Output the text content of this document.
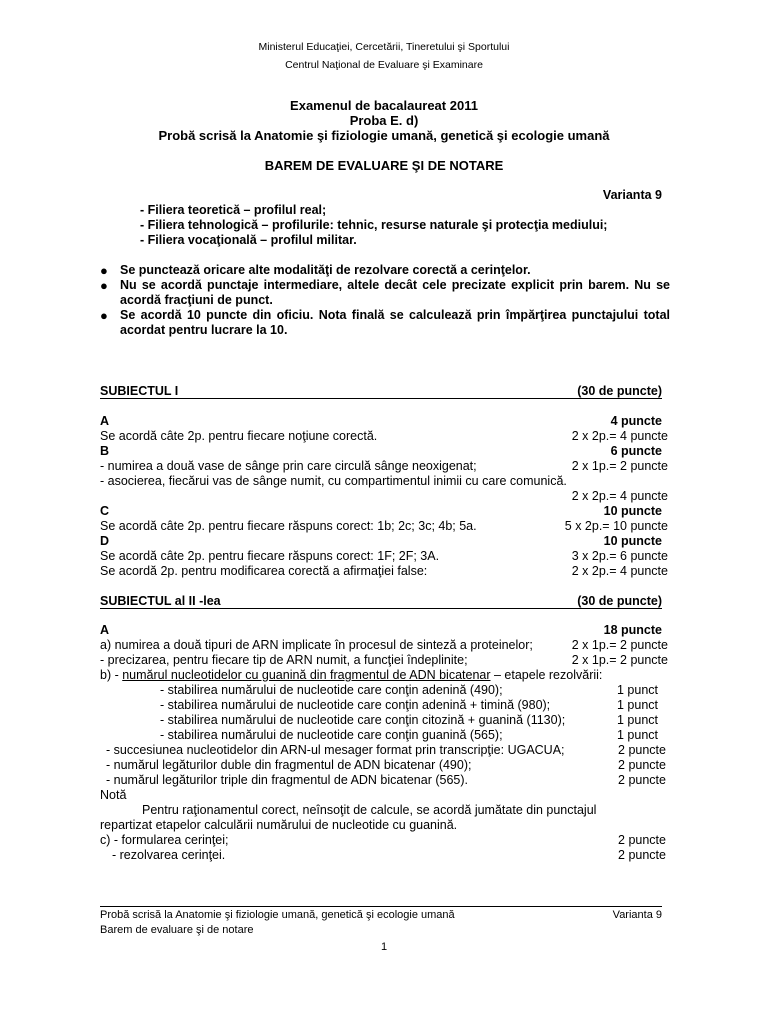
Ministerul Educaţiei, Cercetării, Tineretului şi Sportului
Centrul Naţional de Evaluare şi Examinare
Examenul de bacalaureat 2011
Proba E. d)
Probă scrisă la Anatomie şi fiziologie umană, genetică şi ecologie umană
BAREM DE EVALUARE ŞI DE NOTARE
Varianta 9
- Filiera teoretică – profilul real;
- Filiera tehnologică – profilurile: tehnic, resurse naturale şi protecţia mediului;
- Filiera vocaţională – profilul militar.
● Se punctează oricare alte modalităţi de rezolvare corectă a cerinţelor.
● Nu se acordă punctaje intermediare, altele decât cele precizate explicit prin barem. Nu se acordă fracţiuni de punct.
● Se acordă 10 puncte din oficiu. Nota finală se calculează prin împărţirea punctajului total acordat pentru lucrare la 10.
SUBIECTUL I	(30 de puncte)
A	4 puncte
Se acordă câte 2p. pentru fiecare noţiune corectă.	2 x 2p.= 4 puncte
B	6 puncte
- numirea a două vase de sânge prin care circulă sânge neoxigenat;	2 x 1p.= 2 puncte
- asocierea, fiecărui vas de sânge numit, cu compartimentul inimii cu care comunică.
2 x 2p.= 4 puncte
C	10 puncte
Se acordă câte 2p. pentru fiecare răspuns corect: 1b; 2c; 3c; 4b; 5a.	5 x 2p.= 10 puncte
D	10 puncte
Se acordă câte 2p. pentru fiecare răspuns corect: 1F; 2F; 3A.	3 x 2p.= 6 puncte
Se acordă 2p. pentru modificarea corectă a afirmaţiei false:	2 x 2p.= 4 puncte
SUBIECTUL al II -lea	(30 de puncte)
A	18 puncte
a) numirea a două tipuri de ARN implicate în procesul de sinteză a proteinelor;	2 x 1p.= 2 puncte
- precizarea, pentru fiecare tip de ARN numit, a funcţiei îndeplinite;	2 x 1p.= 2 puncte
b) - numărul nucleotidelor cu guanină din fragmentul de ADN bicatenar – etapele rezolvării:
- stabilirea numărului de nucleotide care conţin adenină (490);	1 punct
- stabilirea numărului de nucleotide care conţin adenină + timină (980);	1 punct
- stabilirea numărului de nucleotide care conţin citozină + guanină (1130);	1 punct
- stabilirea numărului de nucleotide care conţin guanină (565);	1 punct
- succesiunea nucleotidelor din ARN-ul mesager format prin transcripţie: UGACUA;	2 puncte
- numărul legăturilor duble din fragmentul de ADN bicatenar (490);	2 puncte
- numărul legăturilor triple din fragmentul de ADN bicatenar (565).	2 puncte
Notă
Pentru raţionamentul corect, neînsoţit de calcule, se acordă jumătate din punctajul
repartizat etapelor calculării numărului de nucleotide cu guanină.
c) - formularea cerinţei;	2 puncte
- rezolvarea cerinţei.	2 puncte
Probă scrisă la Anatomie şi fiziologie umană, genetică şi ecologie umană	Varianta 9
Barem de evaluare şi de notare
1
